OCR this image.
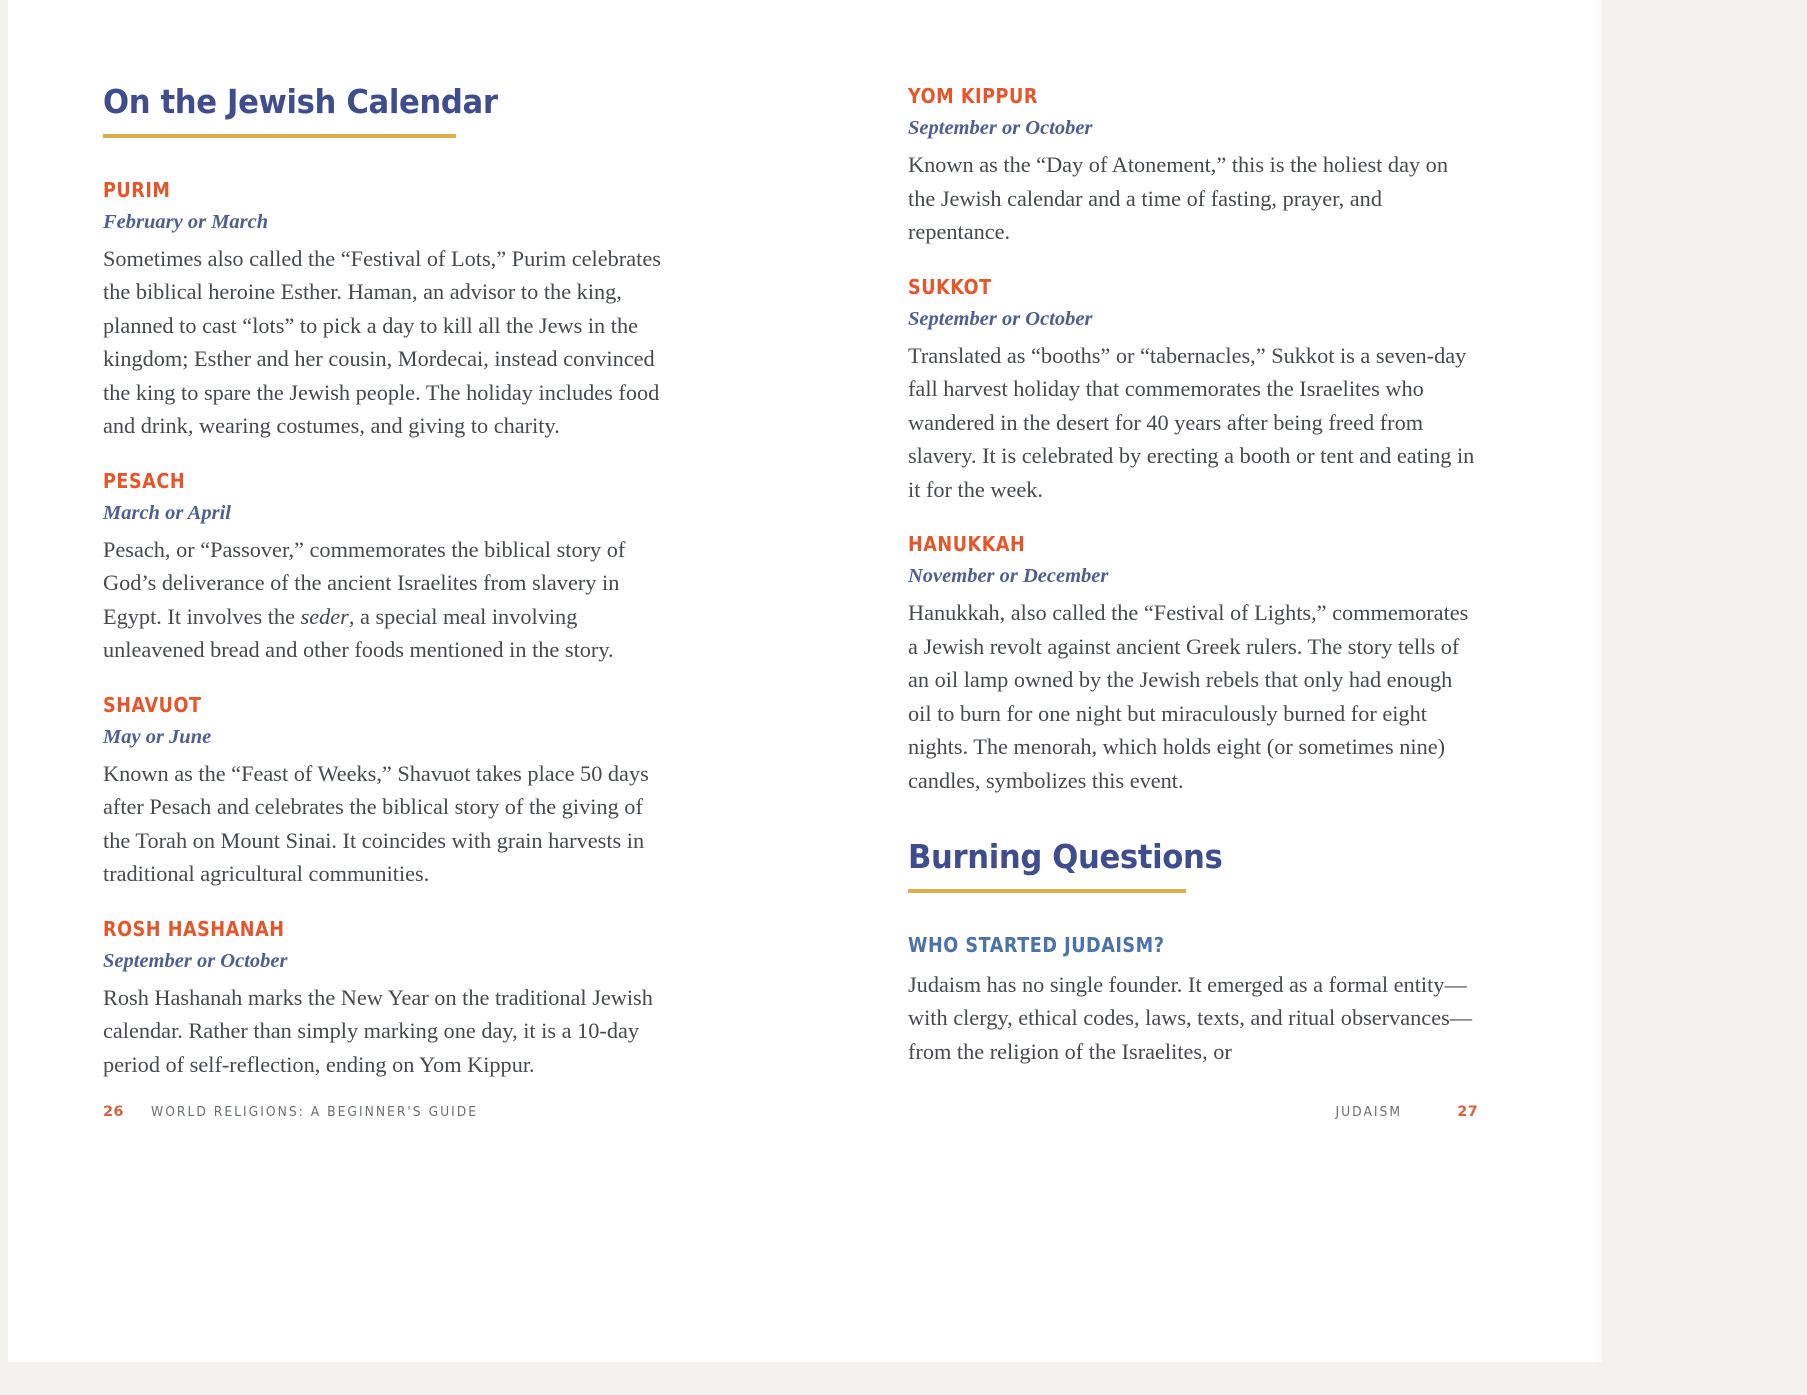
On the Jewish Calendar
PURIM

February or March

Sometimes also called the “Festival of Lots,” Purim celebrates the biblical heroine Esther. Haman, an advisor to the king, planned to cast “lots” to pick a day to kill all the Jews in the kingdom; Esther and her cousin, Mordecai, instead convinced the king to spare the Jewish people. The holiday includes food and drink, wearing costumes, and giving to charity.

PESACH

March or April

Pesach, or “Passover,” commemorates the biblical story of God’s deliverance of the ancient Israelites from slavery in Egypt. It involves the seder, a special meal involving unleavened bread and other foods mentioned in the story.

SHAVUOT

May or June

Known as the “Feast of Weeks,” Shavuot takes place 50 days after Pesach and celebrates the biblical story of the giving of the Torah on Mount Sinai. It coincides with grain harvests in traditional agricultural communities.

ROSH HASHANAH

September or October

Rosh Hashanah marks the New Year on the traditional Jewish calendar. Rather than simply marking one day, it is a 10-day period of self-reflection, ending on Yom Kippur.

26 WORLD RELIGIONS: A BEGINNER'S GUIDE
YOM KIPPUR

September or October

Known as the “Day of Atonement,” this is the holiest day on the Jewish calendar and a time of fasting, prayer, and repentance.

SUKKOT

September or October

Translated as “booths” or “tabernacles,” Sukkot is a seven-day fall harvest holiday that commemorates the Israelites who wandered in the desert for 40 years after being freed from slavery. It is celebrated by erecting a booth or tent and eating in it for the week.

HANUKKAH

November or December

Hanukkah, also called the “Festival of Lights,” commemorates a Jewish revolt against ancient Greek rulers. The story tells of an oil lamp owned by the Jewish rebels that only had enough oil to burn for one night but miraculously burned for eight nights. The menorah, which holds eight (or sometimes nine) candles, symbolizes this event.

Burning Questions
WHO STARTED JUDAISM?

Judaism has no single founder. It emerged as a formal entity—with clergy, ethical codes, laws, texts, and ritual observances—from the religion of the Israelites, or

JUDAISM	27
